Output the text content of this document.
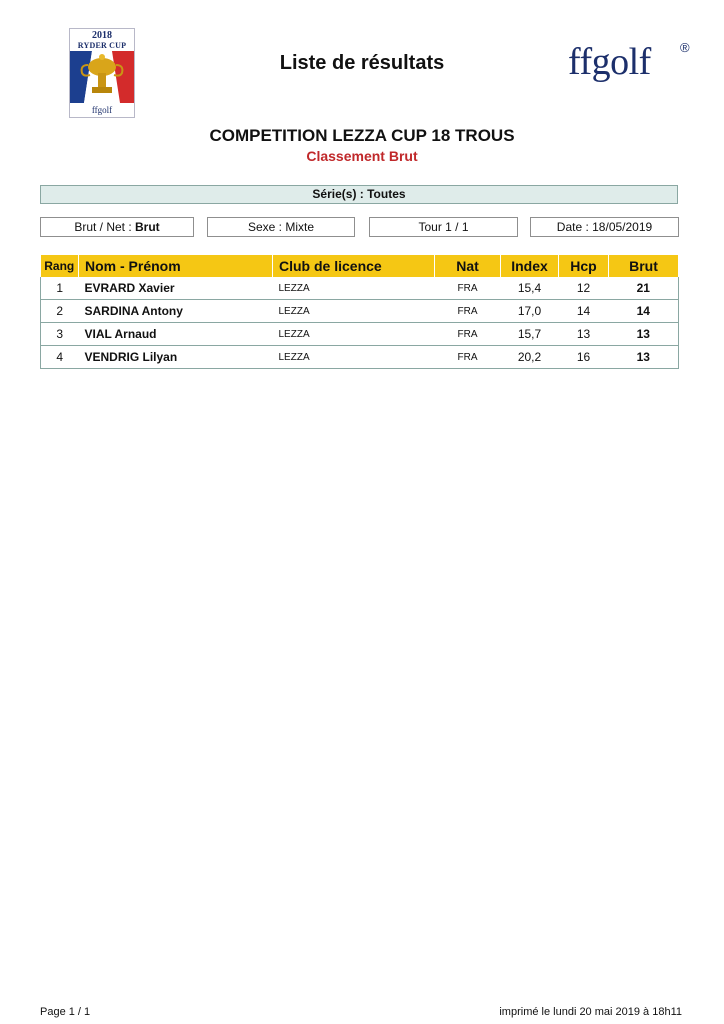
2018
RYDER CUP
ffgolf
Liste de résultats	ffgolf ®
COMPETITION LEZZA CUP 18 TROUS
Classement Brut
Série(s) : Toutes
Brut / Net : Brut	Sexe : Mixte	Tour 1 / 1	Date : 18/05/2019
Rang	Nom - Prénom	Club de licence	Nat	Index	Hcp	Brut
1	EVRARD Xavier	LEZZA	FRA	15,4	12	21
2	SARDINA Antony	LEZZA	FRA	17,0	14	14
3	VIAL Arnaud	LEZZA	FRA	15,7	13	13
4	VENDRIG Lilyan	LEZZA	FRA	20,2	16	13
Page 1 / 1	imprimé le lundi 20 mai 2019 à 18h11
